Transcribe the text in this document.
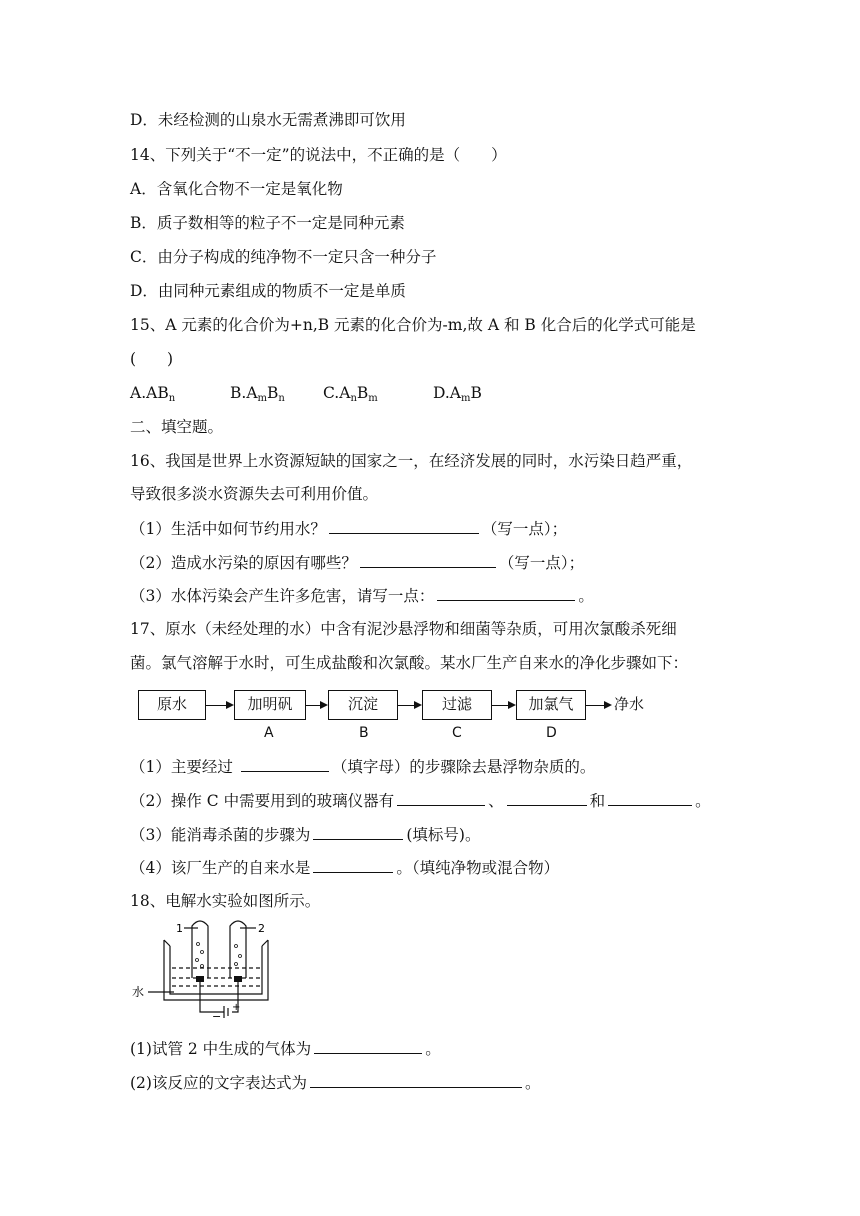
D．未经检测的山泉水无需煮沸即可饮用
14、下列关于“不一定”的说法中，不正确的是（　　）
A．含氧化合物不一定是氧化物
B．质子数相等的粒子不一定是同种元素
C．由分子构成的纯净物不一定只含一种分子
D．由同种元素组成的物质不一定是单质
15、A 元素的化合价为+n,B 元素的化合价为-m,故 A 和 B 化合后的化学式可能是
(　　)
$A.AB_n$	$B.A_mB_n$ $C.A_nB_m$	$D.A_mB$
二、填空题。
16、我国是世界上水资源短缺的国家之一，在经济发展的同时，水污染日趋严重，
导致很多淡水资源失去可利用价值。
（1）生活中如何节约用水？	（写一点）；
（2）造成水污染的原因有哪些？	（写一点）；
（3）水体污染会产生许多危害，请写一点：	。
17、原水（未经处理的水）中含有泥沙悬浮物和细菌等杂质，可用次氯酸杀死细
菌。氯气溶解于水时，可生成盐酸和次氯酸。某水厂生产自来水的净化步骤如下：
原水	加明矾	沉淀	过滤	加氯气	净水
A	B	C	D
（1）主要经过	（填字母）的步骤除去悬浮物杂质的。
（2）操作 C 中需要用到的玻璃仪器有	、	和	。
（3）能消毒杀菌的步骤为	(填标号)。
（4）该厂生产的自来水是	。（填纯净物或混合物）
18、电解水实验如图所示。
1	2
水
−
+
(1)试管 2 中生成的气体为	。
(2)该反应的文字表达式为	。
